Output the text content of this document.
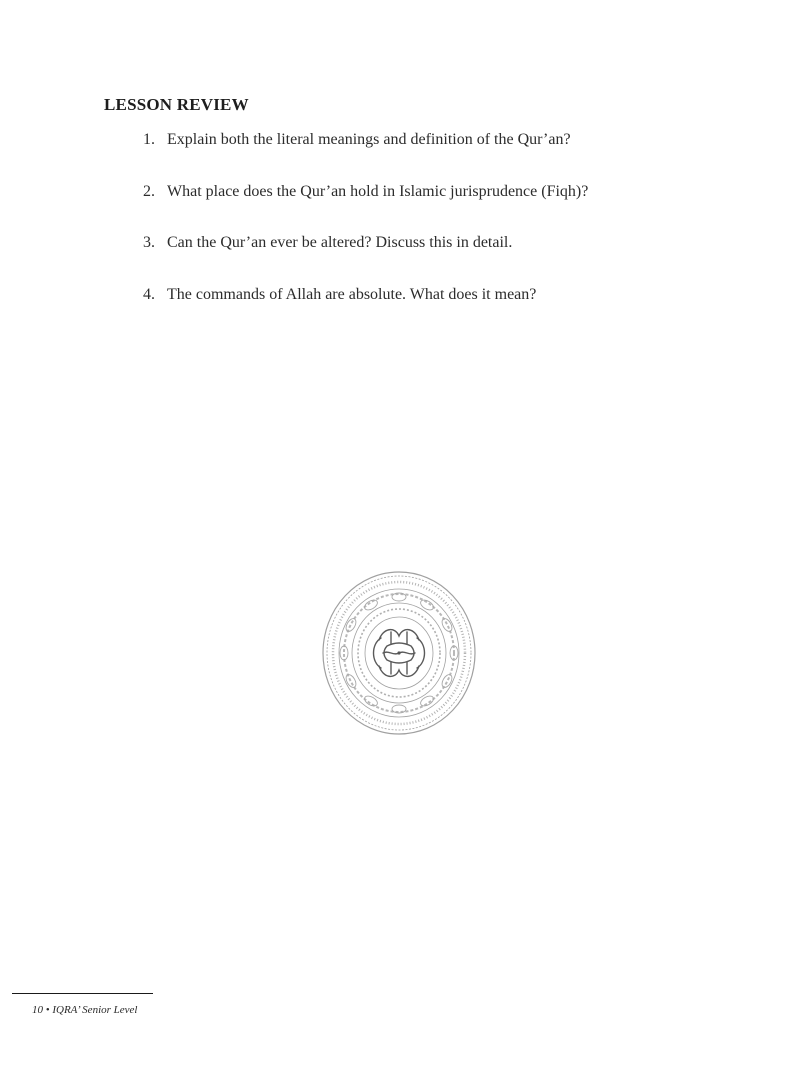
LESSON REVIEW
1. Explain both the literal meanings and definition of the Qur’an?
2. What place does the Qur’an hold in Islamic jurisprudence (Fiqh)?
3. Can the Qur’an ever be altered? Discuss this in detail.
4. The commands of Allah are absolute. What does it mean?
10 • IQRA’ Senior Level
